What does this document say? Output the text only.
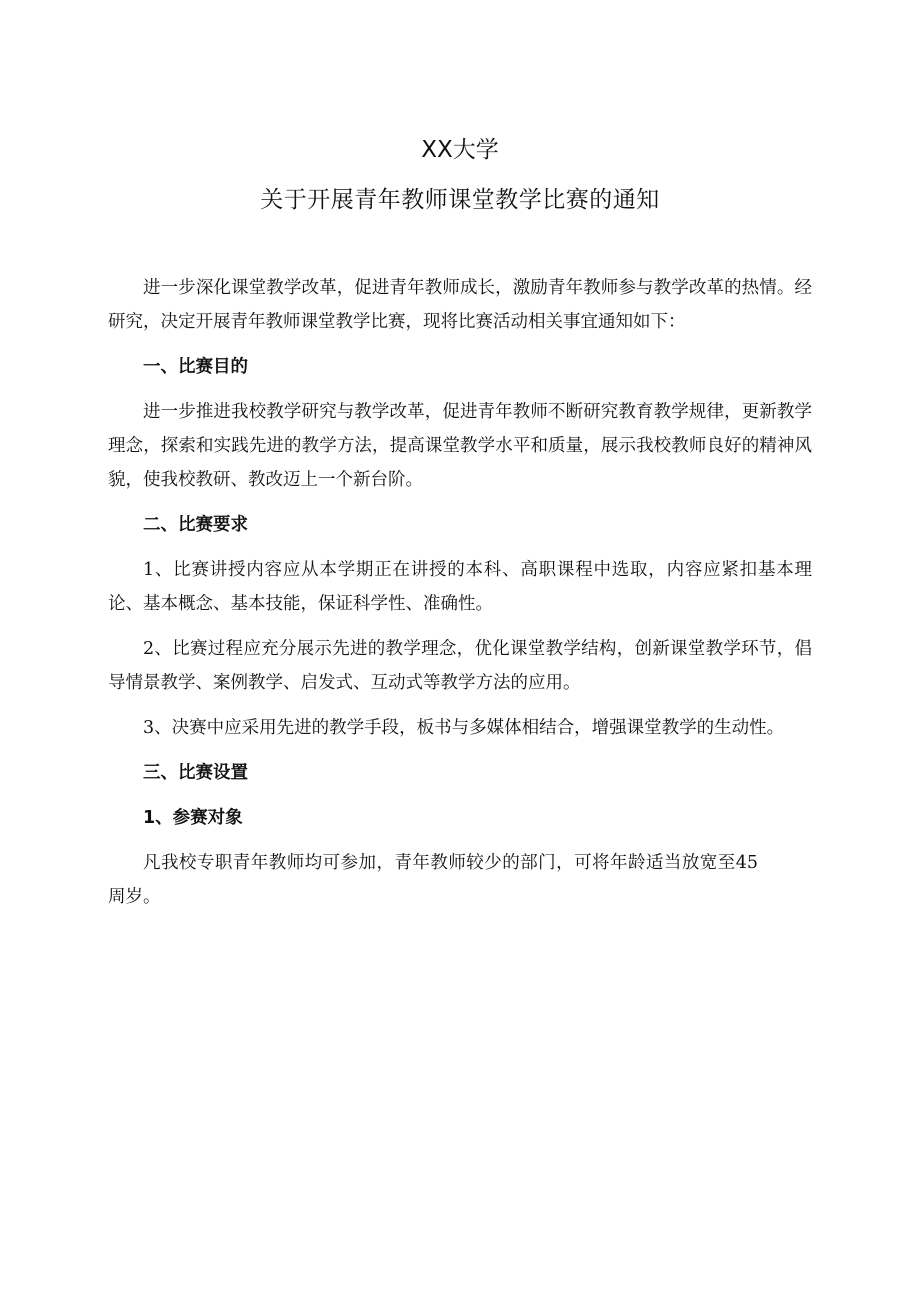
XX大学
关于开展青年教师课堂教学比赛的通知

进一步深化课堂教学改革，促进青年教师成长，激励青年教师参与教学改革的热情。经研究，决定开展青年教师课堂教学比赛，现将比赛活动相关事宜通知如下：

一、比赛目的

进一步推进我校教学研究与教学改革，促进青年教师不断研究教育教学规律，更新教学理念，探索和实践先进的教学方法，提高课堂教学水平和质量，展示我校教师良好的精神风貌，使我校教研、教改迈上一个新台阶。

二、比赛要求

1、比赛讲授内容应从本学期正在讲授的本科、高职课程中选取，内容应紧扣基本理论、基本概念、基本技能，保证科学性、准确性。

2、比赛过程应充分展示先进的教学理念，优化课堂教学结构，创新课堂教学环节，倡导情景教学、案例教学、启发式、互动式等教学方法的应用。

3、决赛中应采用先进的教学手段，板书与多媒体相结合，增强课堂教学的生动性。

三、比赛设置

1、参赛对象

凡我校专职青年教师均可参加，青年教师较少的部门，可将年龄适当放宽至45周岁。
